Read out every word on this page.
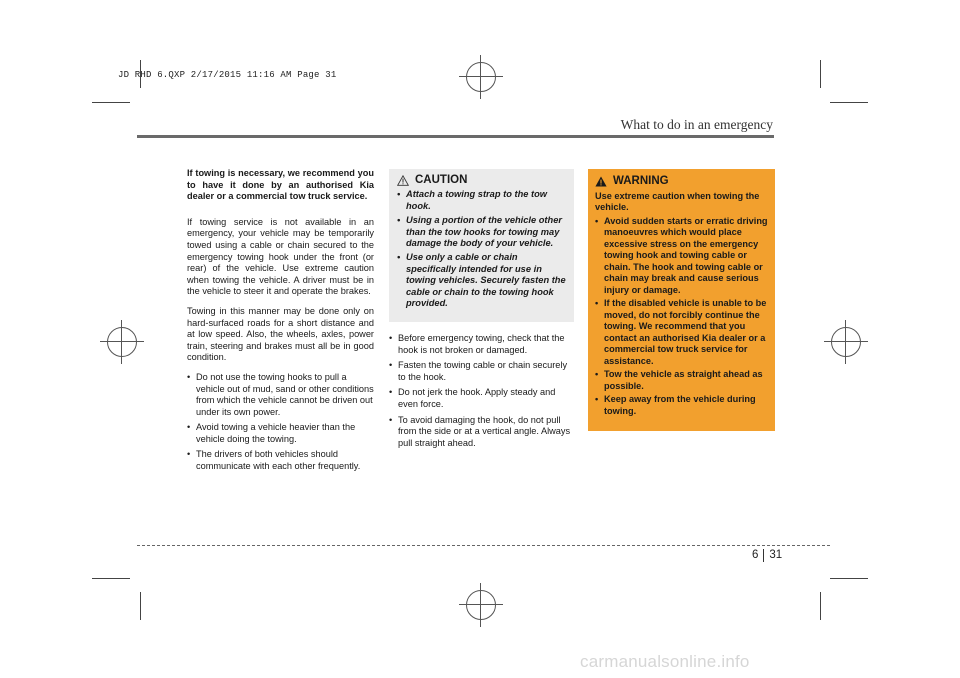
JD RHD 6.QXP 2/17/2015 11:16 AM Page 31
What to do in an emergency

If towing is necessary, we recommend you to have it done by an authorised Kia dealer or a commercial tow truck service.

If towing service is not available in an emergency, your vehicle may be temporarily towed using a cable or chain secured to the emergency towing hook under the front (or rear) of the vehicle. Use extreme caution when towing the vehicle. A driver must be in the vehicle to steer it and operate the brakes.

Towing in this manner may be done only on hard-surfaced roads for a short distance and at low speed. Also, the wheels, axles, power train, steering and brakes must all be in good condition.

• Do not use the towing hooks to pull a vehicle out of mud, sand or other conditions from which the vehicle cannot be driven out under its own power.
• Avoid towing a vehicle heavier than the vehicle doing the towing.
• The drivers of both vehicles should communicate with each other frequently.
CAUTION
• Attach a towing strap to the tow hook.
• Using a portion of the vehicle other than the tow hooks for towing may damage the body of your vehicle.
• Use only a cable or chain specifically intended for use in towing vehicles. Securely fasten the cable or chain to the towing hook provided.
• Before emergency towing, check that the hook is not broken or damaged.
• Fasten the towing cable or chain securely to the hook.
• Do not jerk the hook. Apply steady and even force.
• To avoid damaging the hook, do not pull from the side or at a vertical angle. Always pull straight ahead.
WARNING

Use extreme caution when towing the vehicle.

• Avoid sudden starts or erratic driving manoeuvres which would place excessive stress on the emergency towing hook and towing cable or chain. The hook and towing cable or chain may break and cause serious injury or damage.
• If the disabled vehicle is unable to be moved, do not forcibly continue the towing. We recommend that you contact an authorised Kia dealer or a commercial tow truck service for assistance.
• Tow the vehicle as straight ahead as possible.
• Keep away from the vehicle during towing.
6 31
carmanualsonline.info
